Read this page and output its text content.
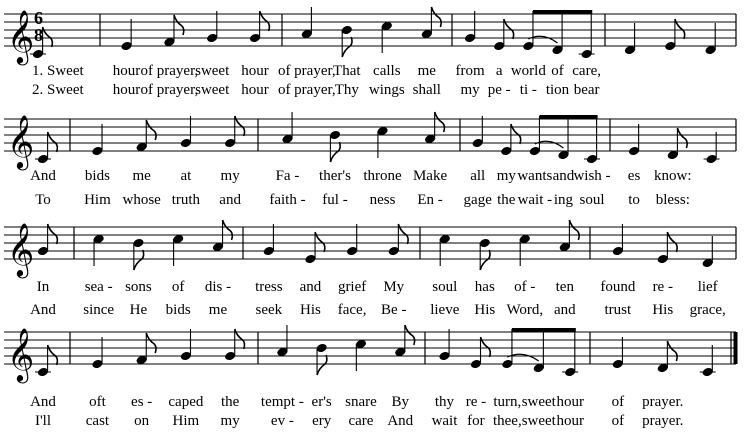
6
8
𝄞
1. Sweet hour of prayer,
sweet hour of prayer,
That calls me from a world of care,
2. Sweet hour of prayer,
sweet hour of prayer, Thy wings shall my pe - ti - tion bear
𝄞
And bids me at my Fa - ther's throne Make all my wants and wish - es know:
To Him whose truth and faith - ful - ness En - gage the wait - ing soul to bless:
𝄞
In sea - sons of dis - tress and grief My soul has of - ten found re - lief
And since He bids me seek His face, Be - lieve His Word, and trust His grace,
𝄞
And oft es - caped the tempt - er's snare By thy re - turn, sweet hour of prayer.
I'll cast on Him my ev - ery care And wait for thee, sweet hour of prayer.
